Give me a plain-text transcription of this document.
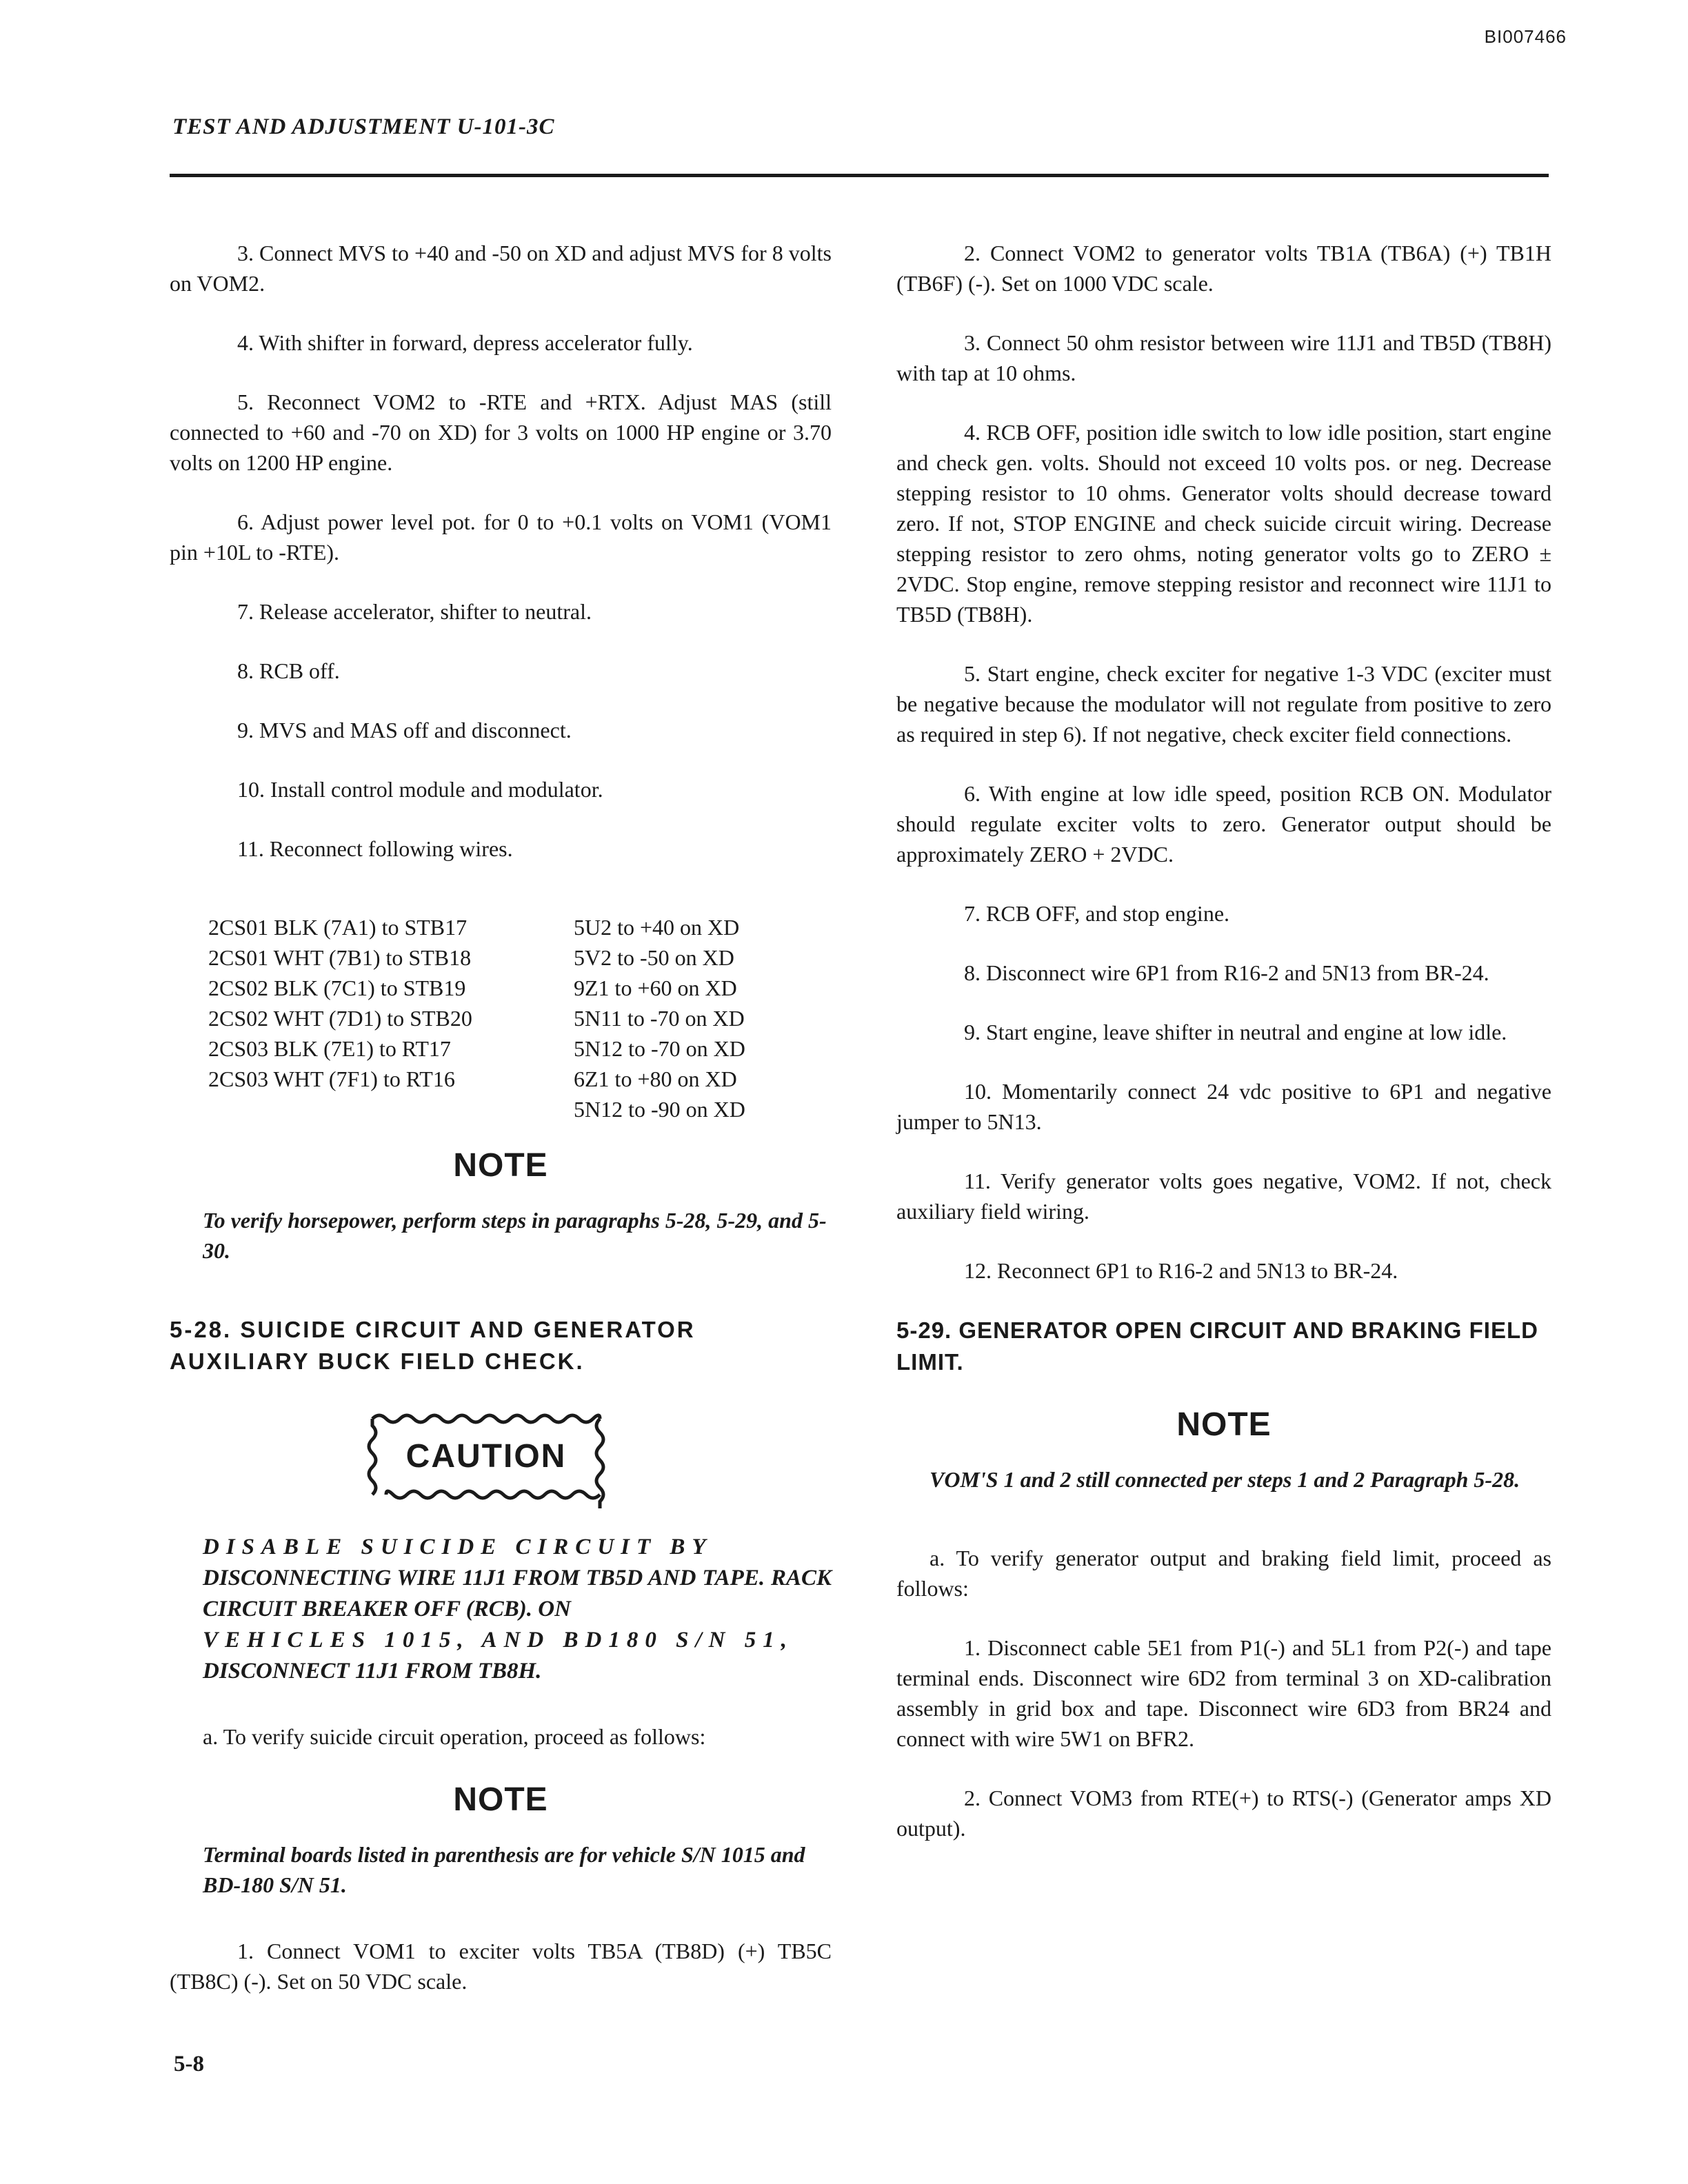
BI007466
TEST AND ADJUSTMENT U-101-3C

3. Connect MVS to +40 and -50 on XD and adjust MVS for 8 volts on VOM2.

4. With shifter in forward, depress accelerator fully.

5. Reconnect VOM2 to -RTE and +RTX. Adjust MAS (still connected to +60 and -70 on XD) for 3 volts on 1000 HP engine or 3.70 volts on 1200 HP engine.

6. Adjust power level pot. for 0 to +0.1 volts on VOM1 (VOM1 pin +10L to -RTE).

7. Release accelerator, shifter to neutral.

8. RCB off.

9. MVS and MAS off and disconnect.

10. Install control module and modulator.

11. Reconnect following wires.

2CS01 BLK (7A1) to STB17
2CS01 WHT (7B1) to STB18
2CS02 BLK (7C1) to STB19
2CS02 WHT (7D1) to STB20
2CS03 BLK (7E1) to RT17
2CS03 WHT (7F1) to RT16
5U2 to +40 on XD
5V2 to -50 on XD
9Z1 to +60 on XD
5N11 to -70 on XD
5N12 to -70 on XD
6Z1 to +80 on XD
5N12 to -90 on XD
NOTE

To verify horsepower, perform steps in paragraphs 5-28, 5-29, and 5-30.

5-28. SUICIDE CIRCUIT AND GENERATOR AUXILIARY BUCK FIELD CHECK.
CAUTION
DISABLE SUICIDE CIRCUIT BY
DISCONNECTING WIRE 11J1 FROM TB5D AND TAPE. RACK CIRCUIT BREAKER OFF (RCB). ON
VEHICLES 1015, AND BD180 S/N 51,
DISCONNECT 11J1 FROM TB8H.

a. To verify suicide circuit operation, proceed as follows:

NOTE

Terminal boards listed in parenthesis are for vehicle S/N 1015 and BD-180 S/N 51.

1. Connect VOM1 to exciter volts TB5A (TB8D) (+) TB5C (TB8C) (-). Set on 50 VDC scale.

2. Connect VOM2 to generator volts TB1A (TB6A) (+) TB1H (TB6F) (-). Set on 1000 VDC scale.

3. Connect 50 ohm resistor between wire 11J1 and TB5D (TB8H) with tap at 10 ohms.

4. RCB OFF, position idle switch to low idle position, start engine and check gen. volts. Should not exceed 10 volts pos. or neg. Decrease stepping resistor to 10 ohms. Generator volts should decrease toward zero. If not, STOP ENGINE and check suicide circuit wiring. Decrease stepping resistor to zero ohms, noting generator volts go to ZERO ± 2VDC. Stop engine, remove stepping resistor and reconnect wire 11J1 to TB5D (TB8H).

5. Start engine, check exciter for negative 1-3 VDC (exciter must be negative because the modulator will not regulate from positive to zero as required in step 6). If not negative, check exciter field connections.

6. With engine at low idle speed, position RCB ON. Modulator should regulate exciter volts to zero. Generator output should be approximately ZERO + 2VDC.

7. RCB OFF, and stop engine.

8. Disconnect wire 6P1 from R16-2 and 5N13 from BR-24.

9. Start engine, leave shifter in neutral and engine at low idle.

10. Momentarily connect 24 vdc positive to 6P1 and negative jumper to 5N13.

11. Verify generator volts goes negative, VOM2. If not, check auxiliary field wiring.

12. Reconnect 6P1 to R16-2 and 5N13 to BR-24.

5-29. GENERATOR OPEN CIRCUIT AND BRAKING FIELD LIMIT.
NOTE

VOM'S 1 and 2 still connected per steps 1 and 2 Paragraph 5-28.

a. To verify generator output and braking field limit, proceed as follows:

1. Disconnect cable 5E1 from P1(-) and 5L1 from P2(-) and tape terminal ends. Disconnect wire 6D2 from terminal 3 on XD-calibration assembly in grid box and tape. Disconnect wire 6D3 from BR24 and connect with wire 5W1 on BFR2.

2. Connect VOM3 from RTE(+) to RTS(-) (Generator amps XD output).

5-8
